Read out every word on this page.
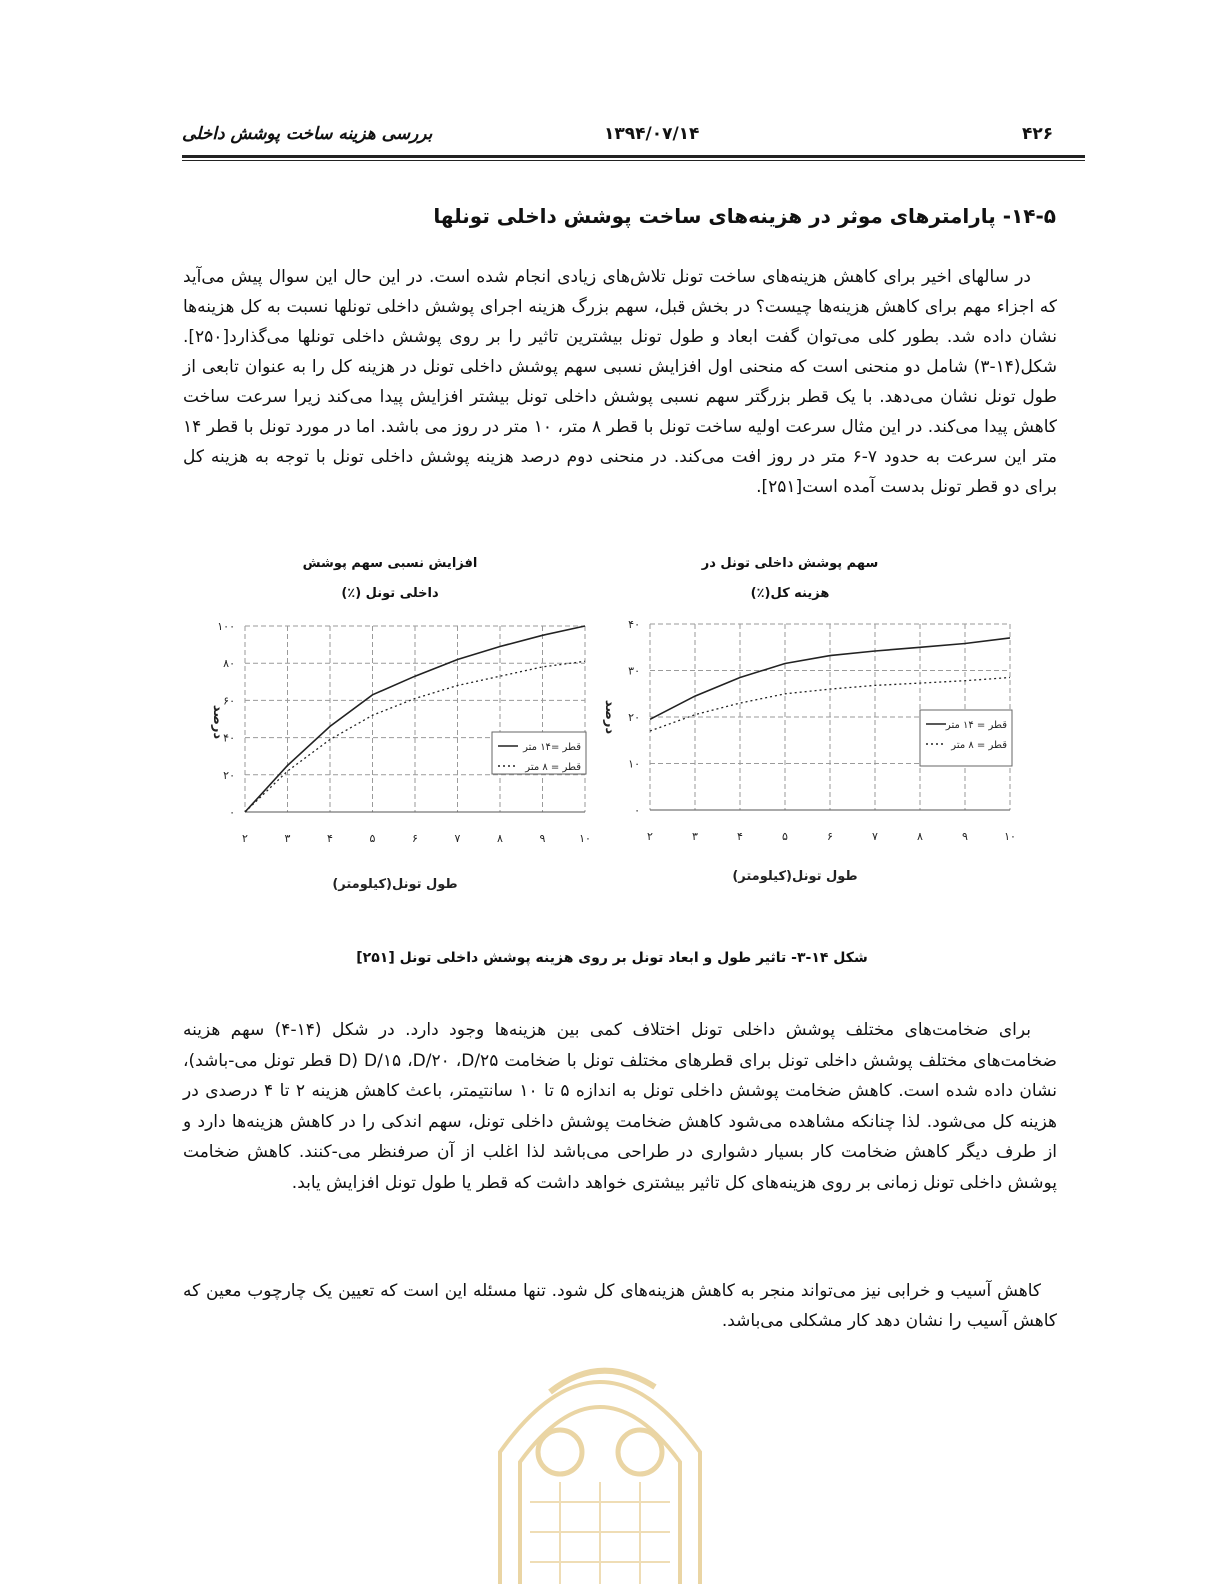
۴۲۶
۱۳۹۴/۰۷/۱۴
بررسی هزینه ساخت پوشش داخلی
۱۴-۵- پارامترهای موثر در هزینه‌های ساخت پوشش داخلی تونلها

در سالهای اخیر برای کاهش هزینه‌های ساخت تونل تلاش‌های زیادی انجام شده است. در این حال این سوال پیش می‌آید که اجزاء مهم برای کاهش هزینه‌ها چیست؟ در بخش قبل، سهم بزرگ هزینه اجرای پوشش داخلی تونلها نسبت به کل هزینه‌ها نشان داده شد. بطور کلی می‌توان گفت ابعاد و طول تونل بیشترین تاثیر را بر روی پوشش داخلی تونلها می‌گذارد[۲۵۰]. شکل(۱۴-۳) شامل دو منحنی است که منحنی اول افزایش نسبی سهم پوشش داخلی تونل در هزینه کل را به عنوان تابعی از طول تونل نشان می‌دهد. با یک قطر بزرگتر سهم نسبی پوشش داخلی تونل بیشتر افزایش پیدا می‌کند زیرا سرعت ساخت کاهش پیدا می‌کند. در این مثال سرعت اولیه ساخت تونل با قطر ۸ متر، ۱۰ متر در روز می باشد. اما در مورد تونل با قطر ۱۴ متر این سرعت به حدود ۷-۶ متر در روز افت می‌کند. در منحنی دوم درصد هزینه پوشش داخلی تونل با توجه به هزینه کل برای دو قطر تونل بدست آمده است[۲۵۱].

افزایش نسبی سهم پوشش
داخلی تونل (٪)
سهم پوشش داخلی تونل در
هزینه کل(٪)
۰
۲۰
۴۰
۶۰
۸۰
۱۰۰
۲	۳	۴	۵	۶	۷	۸	۹	۱۰
قطر =۱۴ متر
قطر = ۸ متر
درصد
طول تونل(کیلومتر)
۰
۱۰
۲۰
۳۰
۴۰
۲	۳	۴	۵	۶	۷	۸	۹	۱۰
قطر = ۱۴ متر
قطر = ۸ متر
درصد
طول تونل(کیلومتر)
شکل ۱۴-۳- تاثیر طول و ابعاد تونل بر روی هزینه پوشش داخلی تونل [۲۵۱]

برای ضخامت‌های مختلف پوشش داخلی تونل اختلاف کمی بین هزینه‌ها وجود دارد. در شکل (۱۴-۴) سهم هزینه ضخامت‌های مختلف پوشش داخلی تونل برای قطرهای مختلف تونل با ضخامت D/۱۵ ،D/۲۰ ،D/۲۵ (D قطر تونل می-باشد)، نشان داده شده است. کاهش ضخامت پوشش داخلی تونل به اندازه ۵ تا ۱۰ سانتیمتر، باعث کاهش هزینه ۲ تا ۴ درصدی در هزینه کل می‌شود. لذا چنانکه مشاهده می‌شود کاهش ضخامت پوشش داخلی تونل، سهم اندکی را در کاهش هزینه‌ها دارد و از طرف دیگر کاهش ضخامت کار بسیار دشواری در طراحی می‌باشد لذا اغلب از آن صرفنظر می-کنند. کاهش ضخامت پوشش داخلی تونل زمانی بر روی هزینه‌های کل تاثیر بیشتری خواهد داشت که قطر یا طول تونل افزایش یابد.

کاهش آسیب و خرابی نیز می‌تواند منجر به کاهش هزینه‌های کل شود. تنها مسئله این است که تعیین یک چارچوب معین که کاهش آسیب را نشان دهد کار مشکلی می‌باشد.
